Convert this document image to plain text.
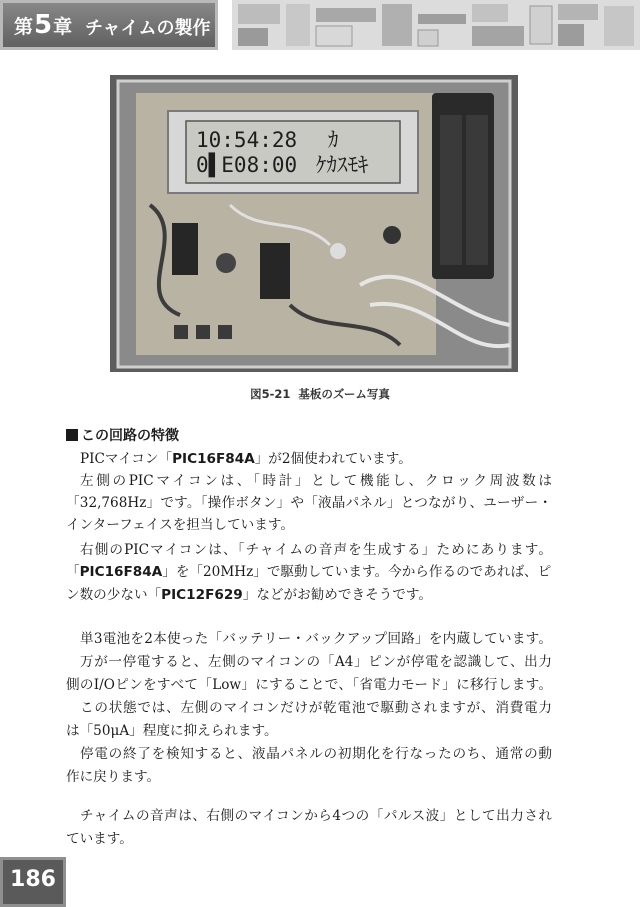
第5章 チャイムの製作
10:54:28 ｶ
0▌E08:00 ｹｶｽﾓｷ
図5-21 基板のズーム写真
この回路の特徴
PICマイコン「PIC16F84A」が2個使われています。
左側のPICマイコンは、「時計」として機能し、クロック周波数は
「32,768Hz」です。「操作ボタン」や「液晶パネル」とつながり、ユーザー・
インターフェイスを担当しています。
右側のPICマイコンは、「チャイムの音声を生成する」ためにあります。
「PIC16F84A」を「20MHz」で駆動しています。今から作るのであれば、ピ
ン数の少ない「PIC12F629」などがお勧めできそうです。
単3電池を2本使った「バッテリー・バックアップ回路」を内蔵しています。
万が一停電すると、左側のマイコンの「A4」ピンが停電を認識して、出力
側のI/Oピンをすべて「Low」にすることで、「省電力モード」に移行します。
この状態では、左側のマイコンだけが乾電池で駆動されますが、消費電力
は「50μA」程度に抑えられます。
停電の終了を検知すると、液晶パネルの初期化を行なったのち、通常の動
作に戻ります。
チャイムの音声は、右側のマイコンから4つの「パルス波」として出力され
ています。
186
